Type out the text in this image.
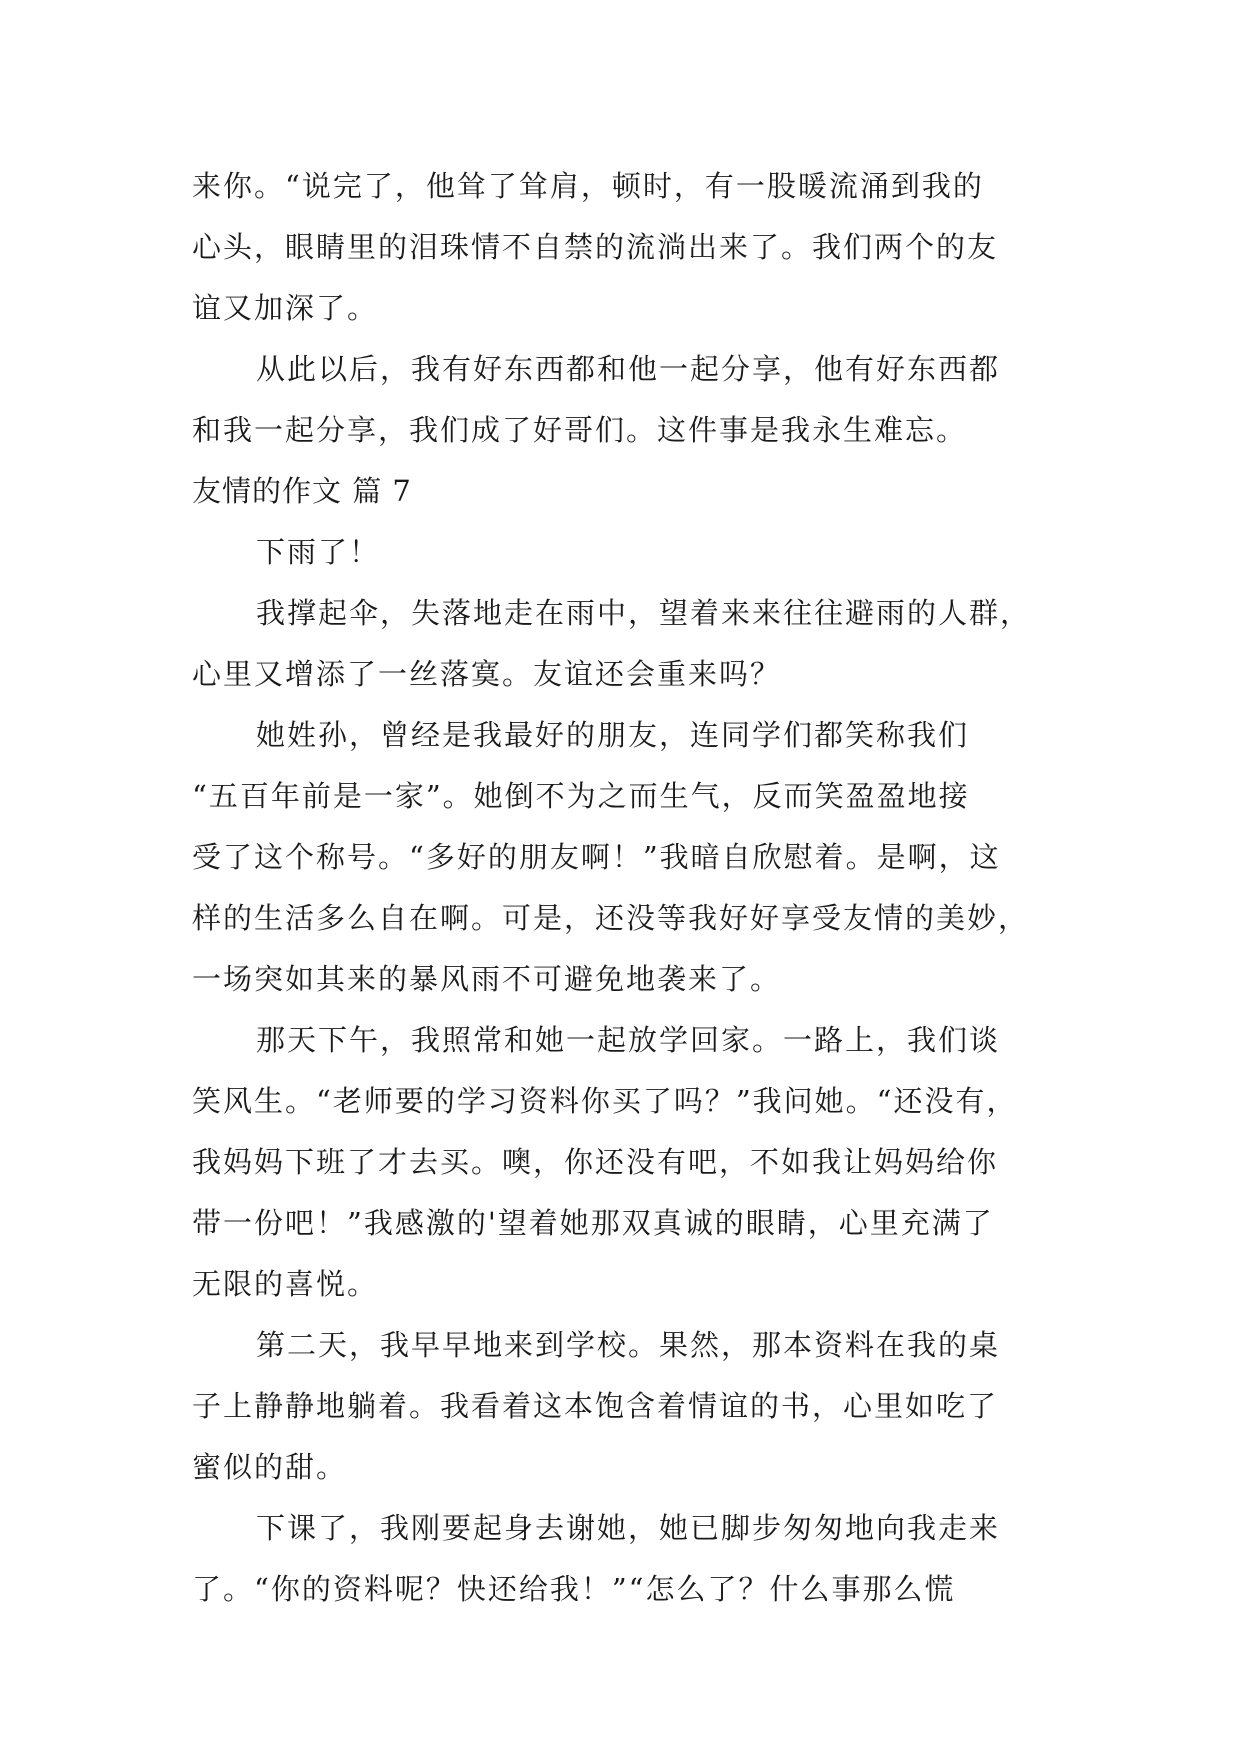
来你。“说完了，他耸了耸肩，顿时，有一股暖流涌到我的
心头，眼睛里的泪珠情不自禁的流淌出来了。我们两个的友
谊又加深了。
从此以后，我有好东西都和他一起分享，他有好东西都
和我一起分享，我们成了好哥们。这件事是我永生难忘。
友情的作文 篇 7
下雨了！
我撑起伞，失落地走在雨中，望着来来往往避雨的人群，
心里又增添了一丝落寞。友谊还会重来吗？
她姓孙，曾经是我最好的朋友，连同学们都笑称我们
“五百年前是一家”。她倒不为之而生气，反而笑盈盈地接
受了这个称号。“多好的朋友啊！”我暗自欣慰着。是啊，这
样的生活多么自在啊。可是，还没等我好好享受友情的美妙，
一场突如其来的暴风雨不可避免地袭来了。
那天下午，我照常和她一起放学回家。一路上，我们谈
笑风生。“老师要的学习资料你买了吗？”我问她。“还没有，
我妈妈下班了才去买。噢，你还没有吧，不如我让妈妈给你
带一份吧！”我感激的'望着她那双真诚的眼睛，心里充满了
无限的喜悦。
第二天，我早早地来到学校。果然，那本资料在我的桌
子上静静地躺着。我看着这本饱含着情谊的书，心里如吃了
蜜似的甜。
下课了，我刚要起身去谢她，她已脚步匆匆地向我走来
了。“你的资料呢？快还给我！”“怎么了？什么事那么慌
